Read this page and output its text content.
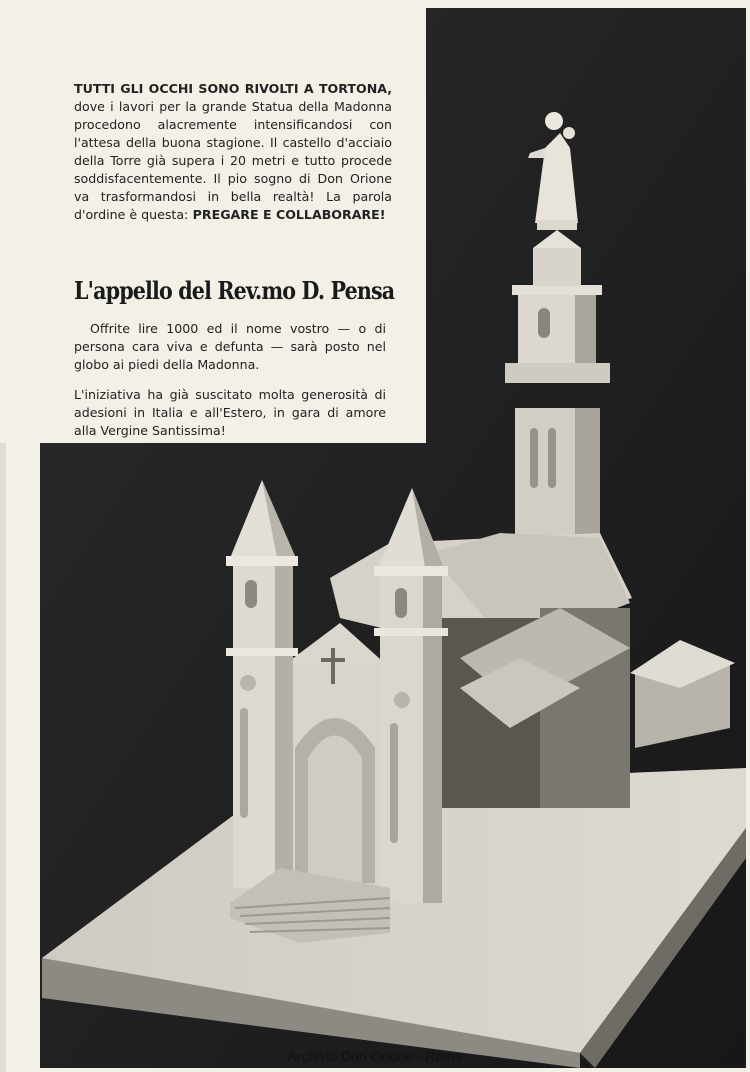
TUTTI GLI OCCHI SONO RIVOLTI A TORTONA, dove i lavori per la grande Statua della Madonna procedono alacremente intensificandosi con l'attesa della buona stagione. Il castello d'acciaio della Torre già supera i 20 metri e tutto procede soddisfacentemente. Il pio sogno di Don Orione va trasformandosi in bella realtà! La parola d'ordine è questa: PREGARE E COLLABORARE!
L'appello del Rev.mo D. Pensa

Offrite lire 1000 ed il nome vostro — o di persona cara viva e defunta — sarà posto nel globo ai piedi della Madonna.

L'iniziativa ha già suscitato molta generosità di adesioni in Italia e all'Estero, in gara di amore alla Vergine Santissima!

Archivio Don Orione - Roma
